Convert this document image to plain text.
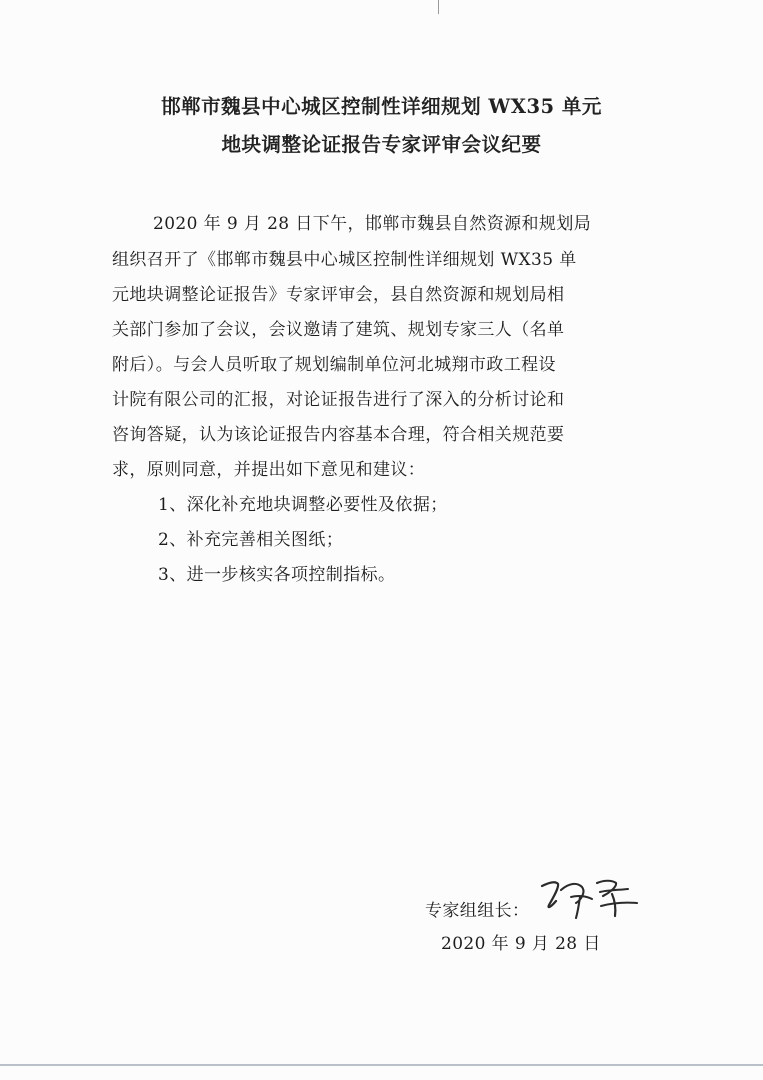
邯郸市魏县中心城区控制性详细规划 WX35 单元
地块调整论证报告专家评审会议纪要
2020 年 9 月 28 日下午，邯郸市魏县自然资源和规划局
组织召开了《邯郸市魏县中心城区控制性详细规划 WX35 单
元地块调整论证报告》专家评审会，县自然资源和规划局相
关部门参加了会议，会议邀请了建筑、规划专家三人（名单
附后）。与会人员听取了规划编制单位河北城翔市政工程设
计院有限公司的汇报，对论证报告进行了深入的分析讨论和
咨询答疑，认为该论证报告内容基本合理，符合相关规范要
求，原则同意，并提出如下意见和建议：
1、深化补充地块调整必要性及依据；
2、补充完善相关图纸；
3、进一步核实各项控制指标。
专家组组长：
2020 年 9 月 28 日
